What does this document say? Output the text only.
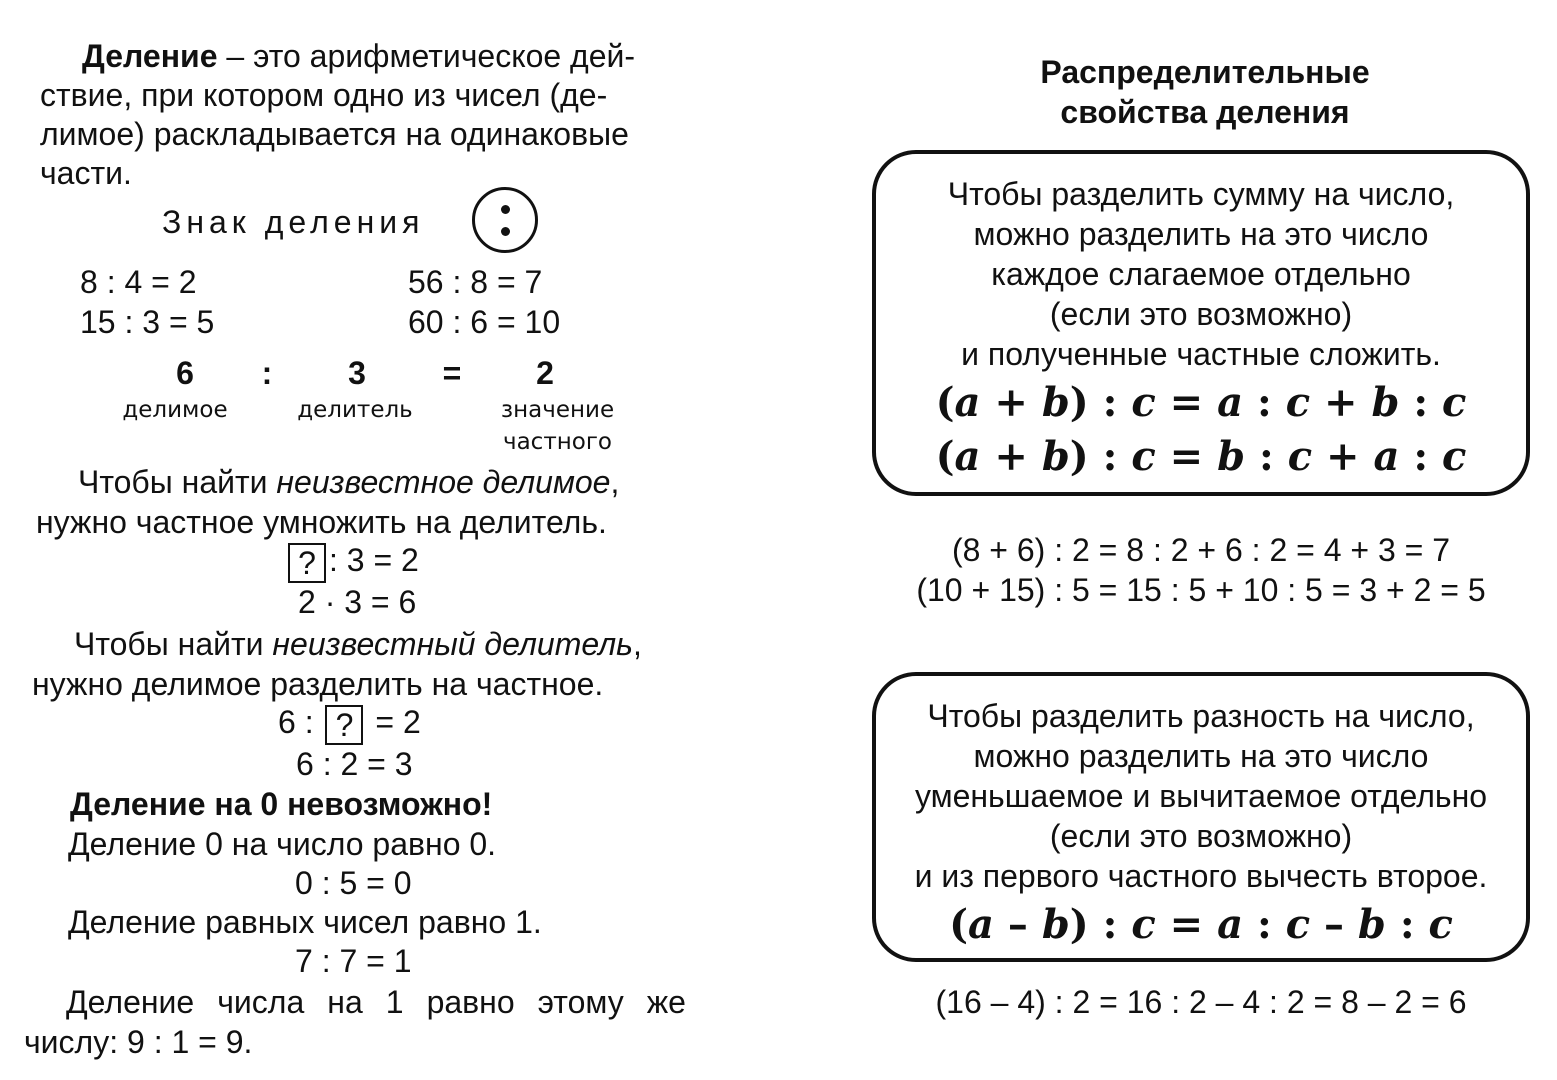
Деление – это арифметическое дей-
ствие, при котором одно из чисел (де-
лимое) раскладывается на одинаковые
части.
Знак деления
8 : 4 = 2
15 : 3 = 5
56 : 8 = 7
60 : 6 = 10
6	:	3	=	2
делимое	делитель	значение
частного
Чтобы найти неизвестное делимое,
нужно частное умножить на делитель.
? : 3 = 2
2 · 3 = 6
Чтобы найти неизвестный делитель,
нужно делимое разделить на частное.
6 : ? = 2
6 : 2 = 3
Деление на 0 невозможно!
Деление 0 на число равно 0.
0 : 5 = 0
Деление равных чисел равно 1.
7 : 7 = 1
Деление числа на 1 равно этому же
числу: 9 : 1 = 9.
Распределительные
свойства деления
Чтобы разделить сумму на число,
можно разделить на это число
каждое слагаемое отдельно
(если это возможно)
и полученные частные сложить.
(a + b) : c = a : c + b : c
(a + b) : c = b : c + a : c
(8 + 6) : 2 = 8 : 2 + 6 : 2 = 4 + 3 = 7
(10 + 15) : 5 = 15 : 5 + 10 : 5 = 3 + 2 = 5
Чтобы разделить разность на число,
можно разделить на это число
уменьшаемое и вычитаемое отдельно
(если это возможно)
и из первого частного вычесть второе.
(a – b) : c = a : c – b : c
(16 – 4) : 2 = 16 : 2 – 4 : 2 = 8 – 2 = 6
